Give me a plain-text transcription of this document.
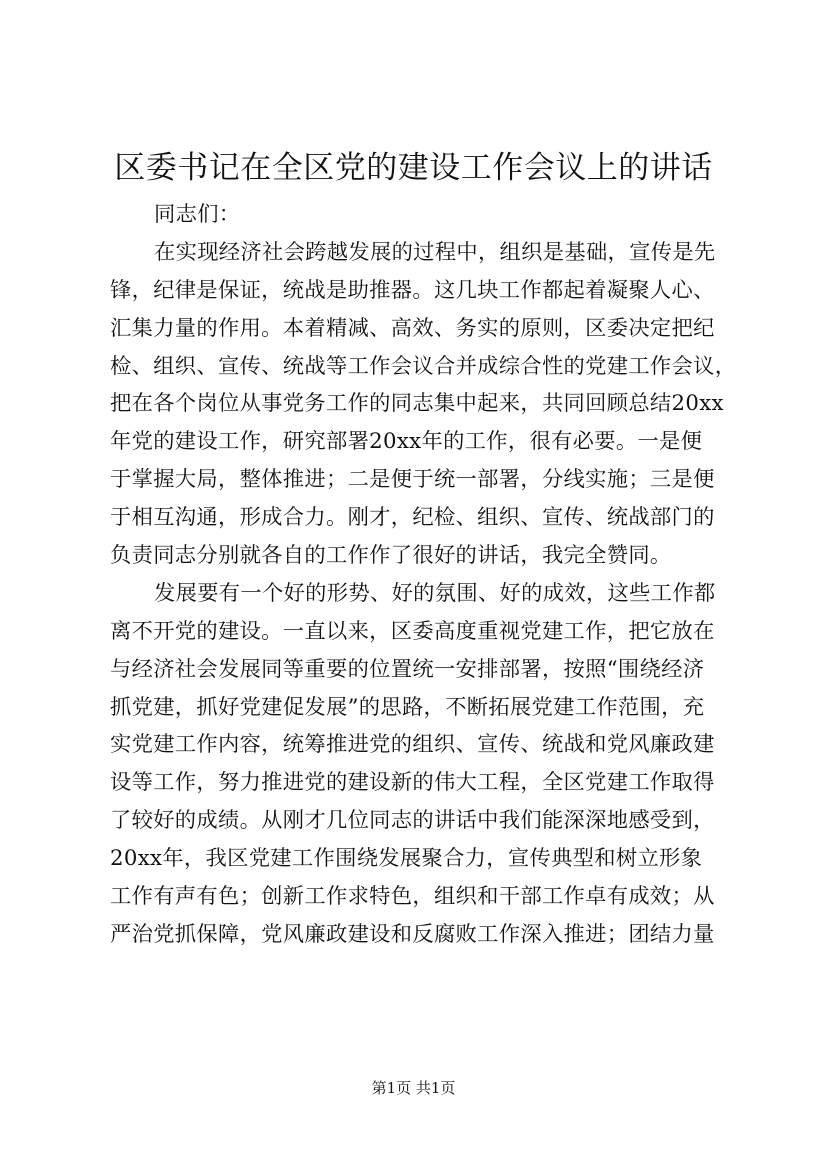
区委书记在全区党的建设工作会议上的讲话
同志们：
在实现经济社会跨越发展的过程中，组织是基础，宣传是先
锋，纪律是保证，统战是助推器。这几块工作都起着凝聚人心、
汇集力量的作用。本着精减、高效、务实的原则，区委决定把纪
检、组织、宣传、统战等工作会议合并成综合性的党建工作会议，
把在各个岗位从事党务工作的同志集中起来，共同回顾总结20xx
年党的建设工作，研究部署20xx年的工作，很有必要。一是便
于掌握大局，整体推进；二是便于统一部署，分线实施；三是便
于相互沟通，形成合力。刚才，纪检、组织、宣传、统战部门的
负责同志分别就各自的工作作了很好的讲话，我完全赞同。
发展要有一个好的形势、好的氛围、好的成效，这些工作都
离不开党的建设。一直以来，区委高度重视党建工作，把它放在
与经济社会发展同等重要的位置统一安排部署，按照“围绕经济
抓党建，抓好党建促发展”的思路，不断拓展党建工作范围，充
实党建工作内容，统筹推进党的组织、宣传、统战和党风廉政建
设等工作，努力推进党的建设新的伟大工程，全区党建工作取得
了较好的成绩。从刚才几位同志的讲话中我们能深深地感受到，
20xx年，我区党建工作围绕发展聚合力，宣传典型和树立形象
工作有声有色；创新工作求特色，组织和干部工作卓有成效；从
严治党抓保障，党风廉政建设和反腐败工作深入推进；团结力量
第1页 共1页
